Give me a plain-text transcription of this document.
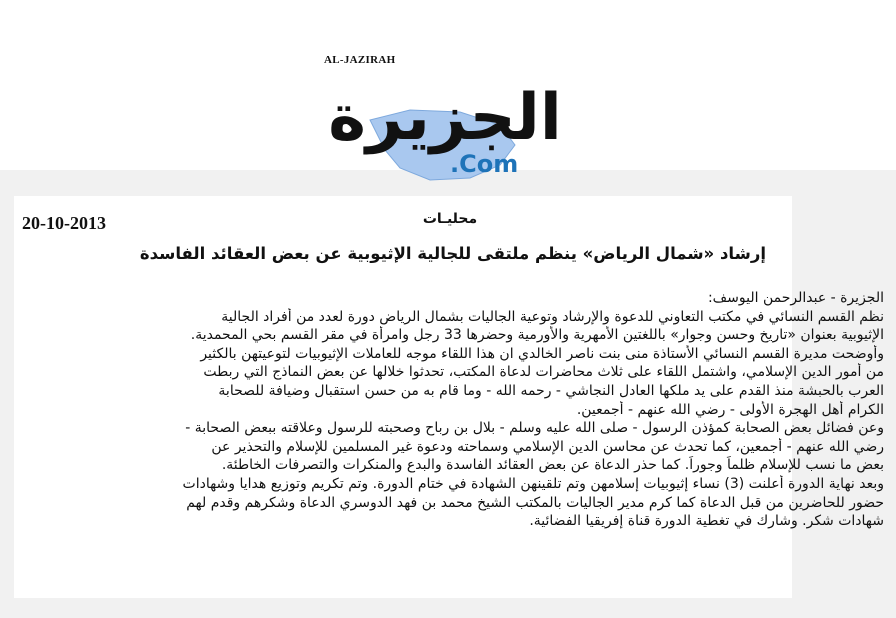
AL-JAZIRAH
الجزيرة
.Com
20-10-2013	محليـات
إرشاد «شمال الرياض» ينظم ملتقى للجالية الإثيوبية عن بعض العقائد الفاسدة

الجزيرة - عبدالرحمن اليوسف:

نظم القسم النسائي في مكتب التعاوني للدعوة والإرشاد وتوعية الجاليات بشمال الرياض دورة لعدد من أفراد الجالية

الإثيوبية بعنوان «تاريخ وحسن وجوار» باللغتين الأمهرية والأورمية وحضرها 33 رجل وامرأة في مقر القسم بحي المحمدية.

وأوضحت مديرة القسم النسائي الأستاذة منى بنت ناصر الخالدي ان هذا اللقاء موجه للعاملات الإثيوبيات لتوعيتهن بالكثير

من أمور الدين الإسلامي، واشتمل اللقاء على ثلاث محاضرات لدعاة المكتب، تحدثوا خلالها عن بعض النماذج التي ربطت

العرب بالحبشة منذ القدم على يد ملكها العادل النجاشي - رحمه الله - وما قام به من حسن استقبال وضيافة للصحابة

الكرام أهل الهجرة الأولى - رضي الله عنهم - أجمعين.

وعن فضائل بعض الصحابة كمؤذن الرسول - صلى الله عليه وسلم - بلال بن رباح وصحبته للرسول وعلاقته ببعض الصحابة -

رضي الله عنهم - أجمعين، كما تحدث عن محاسن الدين الإسلامي وسماحته ودعوة غير المسلمين للإسلام والتحذير عن

بعض ما نسب للإسلام ظلماً وجوراً. كما حذر الدعاة عن بعض العقائد الفاسدة والبدع والمنكرات والتصرفات الخاطئة.

وبعد نهاية الدورة أعلنت (3) نساء إثيوبيات إسلامهن وتم تلقينهن الشهادة في ختام الدورة. وتم تكريم وتوزيع هدايا وشهادات

حضور للحاضرين من قبل الدعاة كما كرم مدير الجاليات بالمكتب الشيخ محمد بن فهد الدوسري الدعاة وشكرهم وقدم لهم

شهادات شكر. وشارك في تغطية الدورة قناة إفريقيا الفضائية.
